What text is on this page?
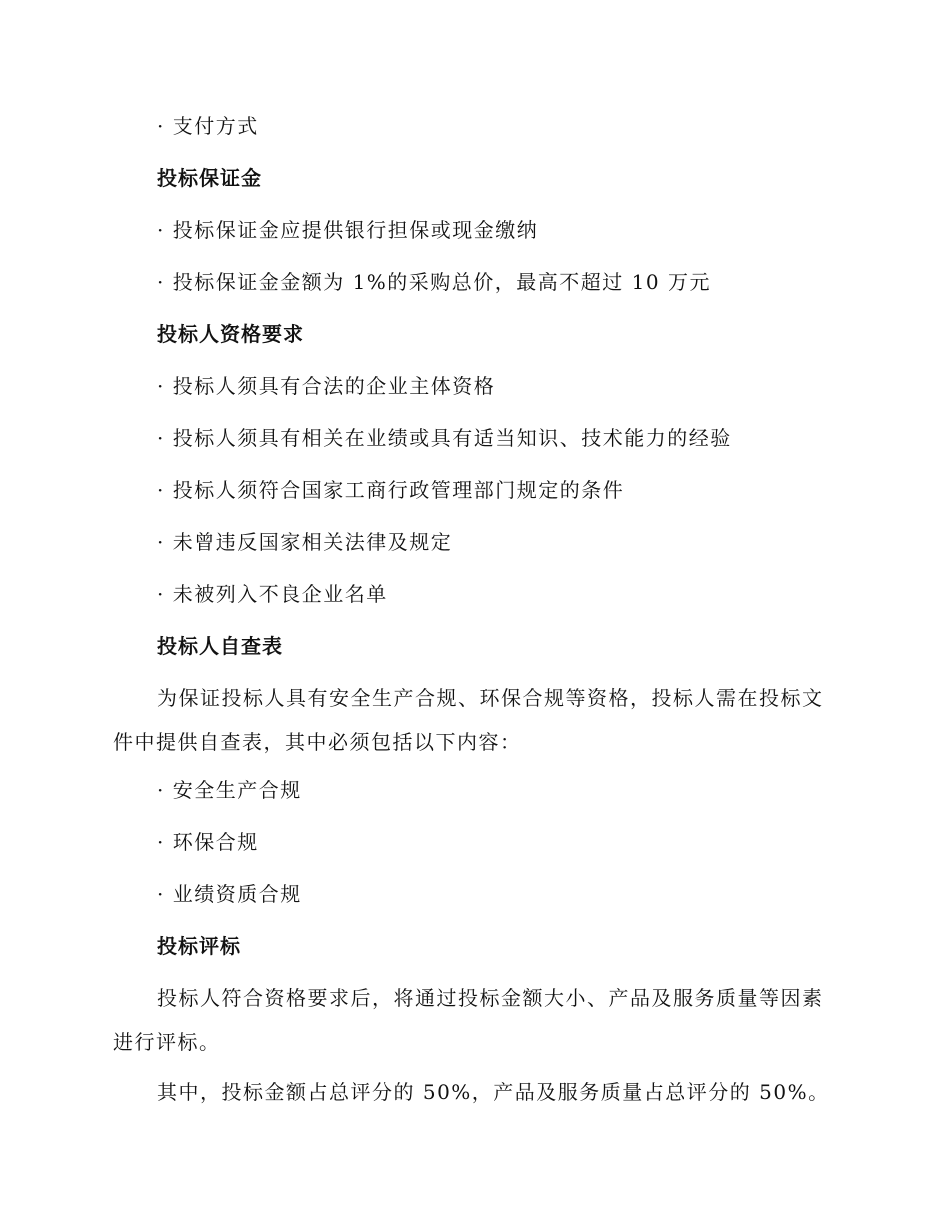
· 支付方式
投标保证金
· 投标保证金应提供银行担保或现金缴纳
· 投标保证金金额为 1%的采购总价，最高不超过 10 万元
投标人资格要求
· 投标人须具有合法的企业主体资格
· 投标人须具有相关在业绩或具有适当知识、技术能力的经验
· 投标人须符合国家工商行政管理部门规定的条件
· 未曾违反国家相关法律及规定
· 未被列入不良企业名单
投标人自查表
为保证投标人具有安全生产合规、环保合规等资格，投标人需在投标文
件中提供自查表，其中必须包括以下内容：
· 安全生产合规
· 环保合规
· 业绩资质合规
投标评标
投标人符合资格要求后，将通过投标金额大小、产品及服务质量等因素
进行评标。
其中，投标金额占总评分的 50%，产品及服务质量占总评分的 50%。
